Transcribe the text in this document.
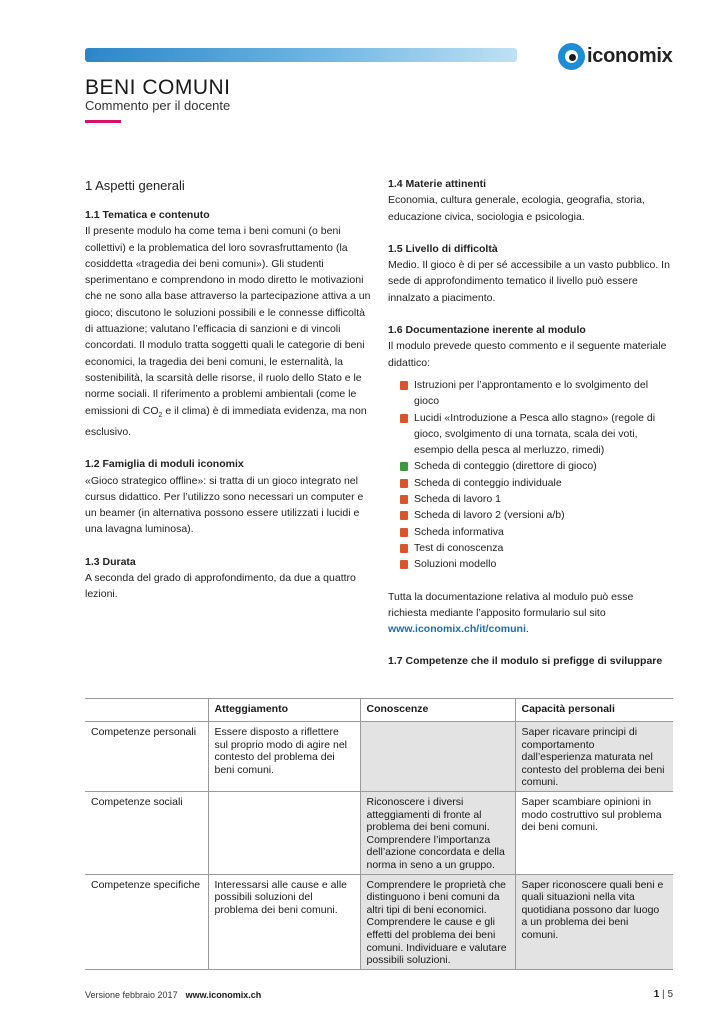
iconomix
BENI COMUNI
Commento per il docente
1 Aspetti generali

1.1 Tematica e contenuto

Il presente modulo ha come tema i beni comuni (o beni collettivi) e la problematica del loro sovrasfruttamento (la cosiddetta «tragedia dei beni comuni»). Gli studenti sperimentano e comprendono in modo diretto le motivazioni che ne sono alla base attraverso la partecipazione attiva a un gioco; discutono le soluzioni possibili e le connesse difficoltà di attuazione; valutano l’efficacia di sanzioni e di vincoli concordati. Il modulo tratta soggetti quali le categorie di beni economici, la tragedia dei beni comuni, le esternalità, la sostenibilità, la scarsità delle risorse, il ruolo dello Stato e le norme sociali. Il riferimento a problemi ambientali (come le emissioni di $CO_2$ e il clima) è di immediata evidenza, ma non esclusivo.

1.2 Famiglia di moduli iconomix

«Gioco strategico offline»: si tratta di un gioco integrato nel cursus didattico. Per l’utilizzo sono necessari un computer e un beamer (in alternativa possono essere utilizzati i lucidi e una lavagna luminosa).

1.3 Durata

A seconda del grado di approfondimento, da due a quattro lezioni.

1.4 Materie attinenti

Economia, cultura generale, ecologia, geografia, storia, educazione civica, sociologia e psicologia.

1.5 Livello di difficoltà

Medio. Il gioco è di per sé accessibile a un vasto pubblico. In sede di approfondimento tematico il livello può essere innalzato a piacimento.

1.6 Documentazione inerente al modulo

Il modulo prevede questo commento e il seguente materiale didattico:

Istruzioni per l’approntamento e lo svolgimento del gioco
Lucidi «Introduzione a Pesca allo stagno» (regole di gioco, svolgimento di una tornata, scala dei voti, esempio della pesca al merluzzo, rimedi)
Scheda di conteggio (direttore di gioco)
Scheda di conteggio individuale
Scheda di lavoro 1
Scheda di lavoro 2 (versioni a/b)
Scheda informativa
Test di conoscenza
Soluzioni modello

Tutta la documentazione relativa al modulo può esse richiesta mediante l’apposito formulario sul sito

www.iconomix.ch/it/comuni.

1.7 Competenze che il modulo si prefigge di sviluppare

	Atteggiamento	Conoscenze	Capacità personali
Competenze personali	Essere disposto a riflettere sul proprio modo di agire nel contesto del problema dei beni comuni.		Saper ricavare principi di comportamento dall’esperienza maturata nel contesto del problema dei beni comuni.
Competenze sociali		Riconoscere i diversi atteggiamenti di fronte al problema dei beni comuni. Comprendere l’importanza dell’azione concordata e della norma in seno a un gruppo.	Saper scambiare opinioni in modo costruttivo sul problema dei beni comuni.
Competenze specifiche	Interessarsi alle cause e alle possibili soluzioni del problema dei beni comuni.	Comprendere le proprietà che distinguono i beni comuni da altri tipi di beni economici. Comprendere le cause e gli effetti del problema dei beni comuni. Individuare e valutare possibili soluzioni.	Saper riconoscere quali beni e quali situazioni nella vita quotidiana possono dar luogo a un problema dei beni comuni.
Versione febbraio 2017 www.iconomix.ch	1 | 5
